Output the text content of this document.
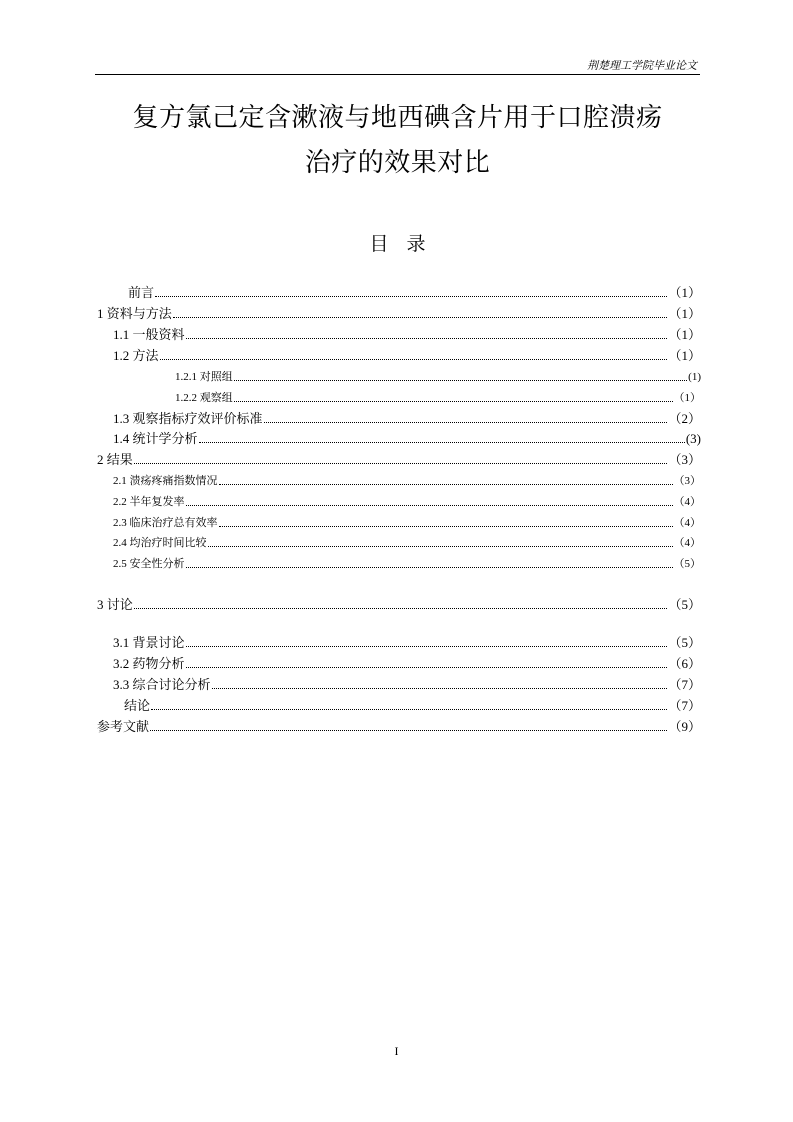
荆楚理工学院毕业论文
复方氯己定含漱液与地西碘含片用于口腔溃疡
治疗的效果对比
目 录
前言	（1）
1 资料与方法	（1）
1.1 一般资料	（1）
1.2 方法	（1）
1.2.1 对照组	(1)
1.2.2 观察组	（1）
1.3 观察指标疗效评价标准	（2）
1.4 统计学分析	(3)
2 结果	（3）
2.1 溃疡疼痛指数情况	（3）
2.2 半年复发率	（4）
2.3 临床治疗总有效率	（4）
2.4 均治疗时间比较	（4）
2.5 安全性分析	（5）
3 讨论	（5）
3.1 背景讨论	（5）
3.2 药物分析	（6）
3.3 综合讨论分析	（7）
结论	（7）
参考文献	（9）
I
